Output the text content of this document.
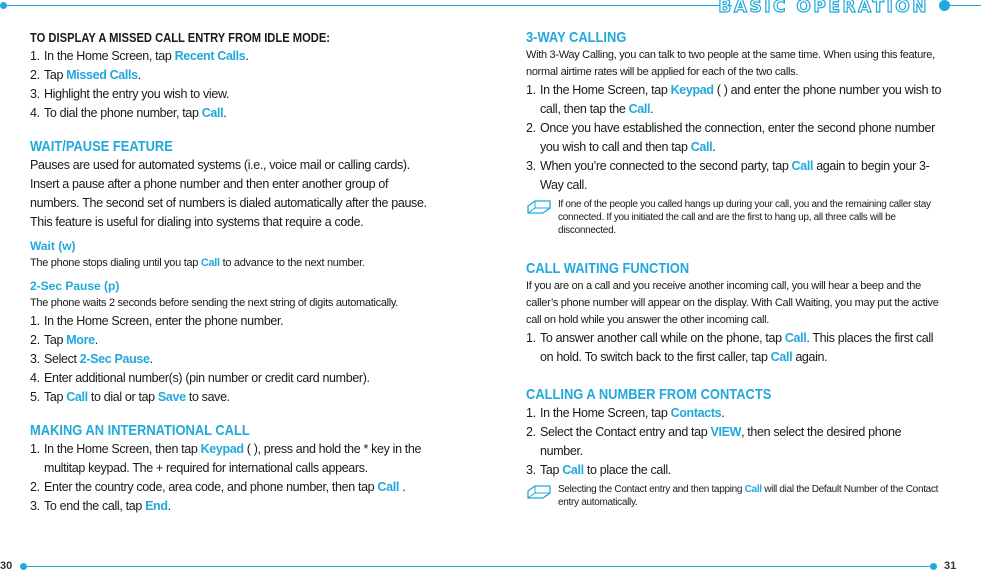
BASIC OPERATION
30	31

TO DISPLAY A MISSED CALL ENTRY FROM IDLE MODE:

1. In the Home Screen, tap Recent Calls.
2. Tap Missed Calls.
3. Highlight the entry you wish to view.
4. To dial the phone number, tap Call.

WAIT/PAUSE FEATURE

Pauses are used for automated systems (i.e., voice mail or calling cards). Insert a pause after a phone number and then enter another group of numbers. The second set of numbers is dialed automatically after the pause. This feature is useful for dialing into systems that require a code.

Wait (w)

The phone stops dialing until you tap Call to advance to the next number.

2-Sec Pause (p)

The phone waits 2 seconds before sending the next string of digits automatically.

1. In the Home Screen, enter the phone number.
2. Tap More.
3. Select 2-Sec Pause.
4. Enter additional number(s) (pin number or credit card number).
5. Tap Call to dial or tap Save to save.

MAKING AN INTERNATIONAL CALL

1. In the Home Screen, then tap Keypad ( ), press and hold the * key in the multitap keypad. The + required for international calls appears.
2. Enter the country code, area code, and phone number, then tap Call .
3. To end the call, tap End.

3-WAY CALLING

With 3-Way Calling, you can talk to two people at the same time. When using this feature, normal airtime rates will be applied for each of the two calls.

1. In the Home Screen, tap Keypad ( ) and enter the phone number you wish to call, then tap the Call.
2. Once you have established the connection, enter the second phone number you wish to call and then tap Call.
3. When you’re connected to the second party, tap Call again to begin your 3-Way call.

If one of the people you called hangs up during your call, you and the remaining caller stay connected. If you initiated the call and are the first to hang up, all three calls will be disconnected.

CALL WAITING FUNCTION

If you are on a call and you receive another incoming call, you will hear a beep and the caller’s phone number will appear on the display. With Call Waiting, you may put the active call on hold while you answer the other incoming call.

1. To answer another call while on the phone, tap Call. This places the first call on hold. To switch back to the first caller, tap Call again.

CALLING A NUMBER FROM CONTACTS

1. In the Home Screen, tap Contacts.
2. Select the Contact entry and tap VIEW, then select the desired phone number.
3. Tap Call to place the call.

Selecting the Contact entry and then tapping Call will dial the Default Number of the Contact entry automatically.
